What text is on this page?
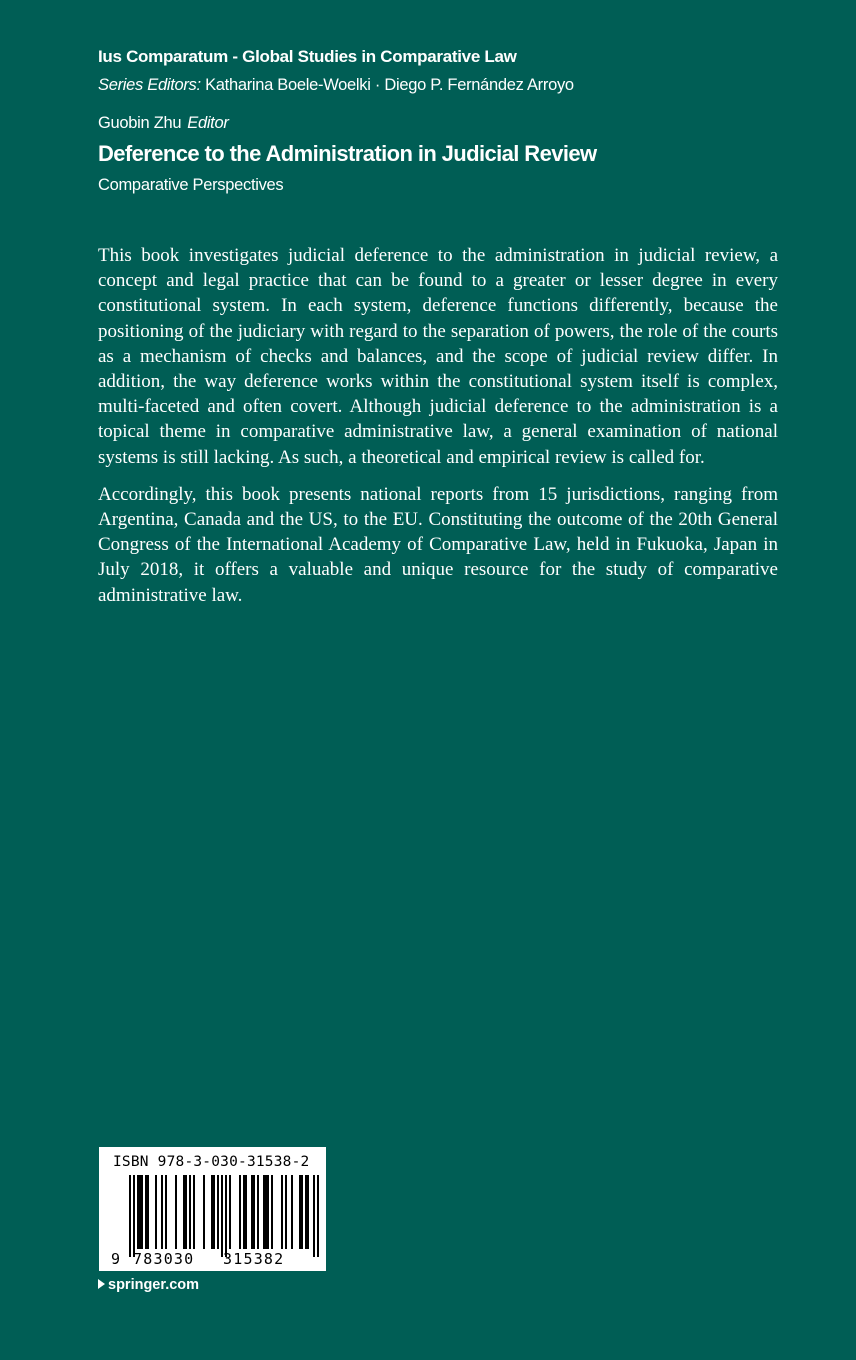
Ius Comparatum - Global Studies in Comparative Law
Series Editors: Katharina Boele-Woelki · Diego P. Fernández Arroyo
Guobin Zhu Editor
Deference to the Administration in Judicial Review
Comparative Perspectives

This book investigates judicial deference to the administration in judicial review, a concept and legal practice that can be found to a greater or lesser degree in every constitutional system. In each system, deference functions differently, because the positioning of the judiciary with regard to the separation of powers, the role of the courts as a mechanism of checks and balances, and the scope of judicial review differ. In addition, the way deference works within the constitutional system itself is complex, multi-faceted and often covert. Although judicial deference to the administration is a topical theme in comparative administrative law, a general examination of national systems is still lacking. As such, a theoretical and empirical review is called for.

Accordingly, this book presents national reports from 15 jurisdictions, ranging from Argentina, Canada and the US, to the EU. Constituting the outcome of the 20th General Congress of the International Academy of Comparative Law, held in Fukuoka, Japan in July 2018, it offers a valuable and unique resource for the study of comparative administrative law.

ISBN 978-3-030-31538-2
9 783030 315382
springer.com
